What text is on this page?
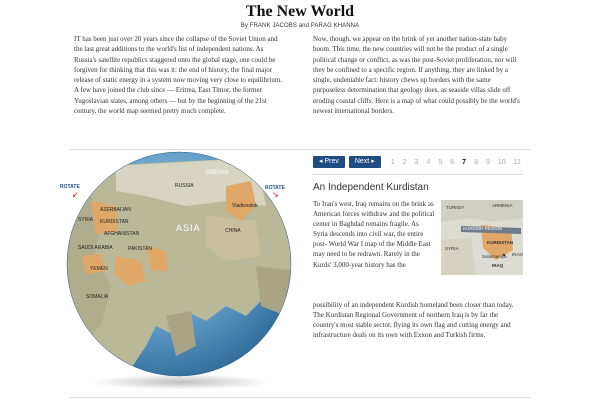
The New World
By FRANK JACOBS and PARAG KHANNA
IT has been just over 20 years since the collapse of the Soviet Union and the last great additions to the world's list of independent nations. As Russia's satellite republics staggered onto the global stage, one could be forgiven for thinking that this was it: the end of history, the final major release of static energy in a system now moving very close to equilibrium. A few have joined the club since — Eritrea, East Timor, the former Yugoslavian states, among others — but by the beginning of the 21st century, the world map seemed pretty much complete.
Now, though, we appear on the brink of yet another nation-state baby boom. This time, the new countries will not be the product of a single political change or conflict, as was the post-Soviet proliferation, nor will they be confined to a specific region. If anything, they are linked by a single, undeniable fact: history chews up borders with the same purposeless determination that geology does, as seaside villas slide off eroding coastal cliffs. Here is a map of what could possibly be the world's newest international borders.
◂ Prev	Next ▸	1 2 3 4 5 6 7 8 9 10 11
ROTATE	ROTATE
↙	↘
SIBERIA
RUSSIA
AZERBAIJAN
SYRIA KURDISTAN
AFGHANISTAN
SAUDI ARABIA	PAKISTAN
YEMEN
SOMALIA
ASIA
Vladivostok
CHINA
An Independent Kurdistan
To Iran's west, Iraq remains on the brink as American forces withdraw and the political center in Baghdad remains fragile. As Syria descends into civil war, the entire post- World War I map of the Middle East may need to be redrawn. Rarely in the Kurds' 3,000-year history has the
TURKEY	ARMENIA
KURDISH REGION
SYRIA
KURDISTAN
Sulaimaniya
IRAQ
IRAN
possibility of an independent Kurdish homeland been closer than today. The Kurdistan Regional Government of northern Iraq is by far the country's most stable sector, flying its own flag and cutting energy and infrastructure deals on its own with Exxon and Turkish firms.
